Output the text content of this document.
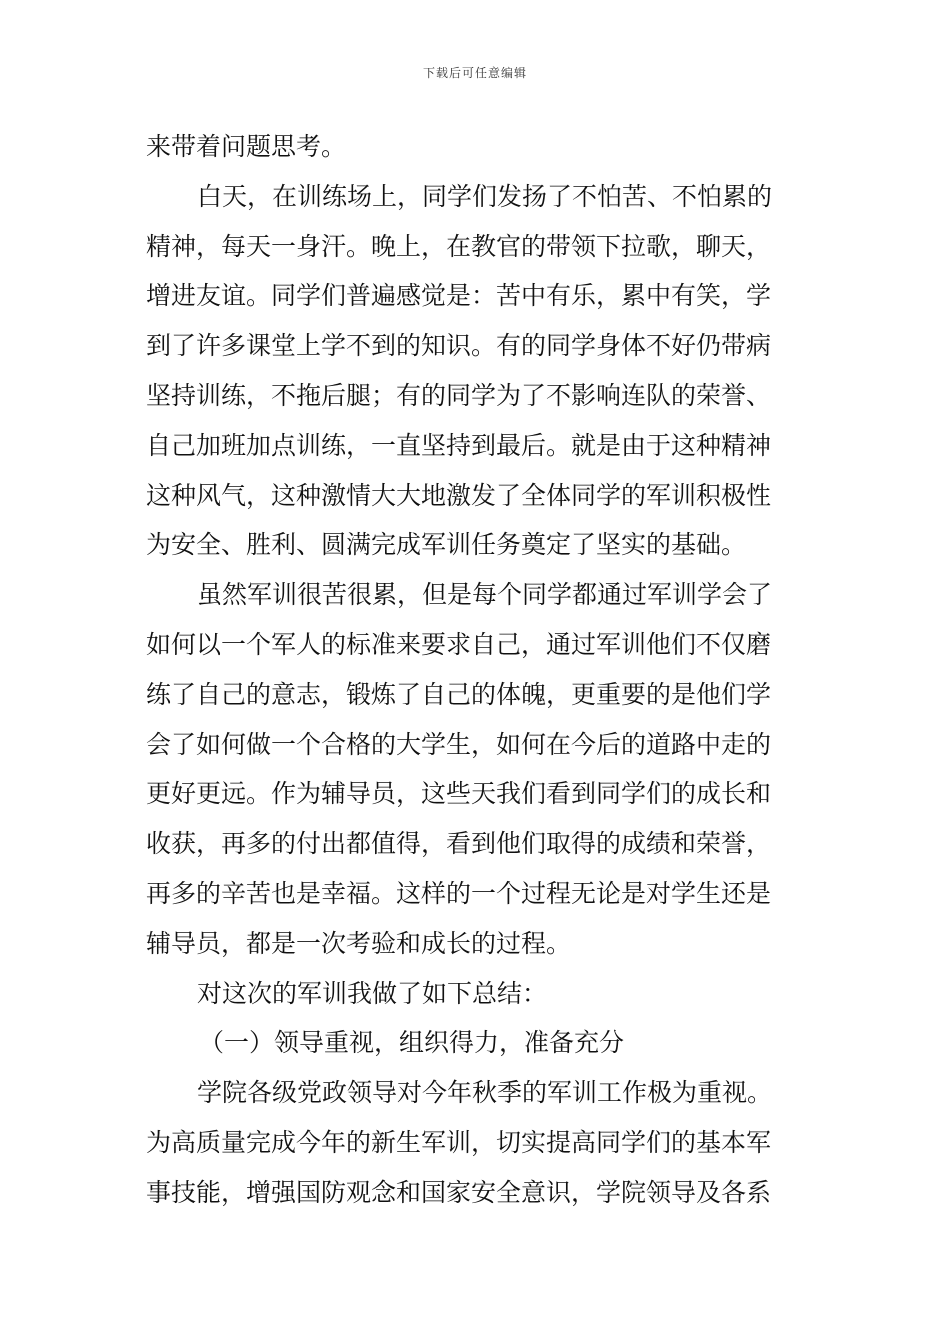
下载后可任意编辑
来带着问题思考。
白天，在训练场上，同学们发扬了不怕苦、不怕累的
精神，每天一身汗。晚上，在教官的带领下拉歌，聊天，
增进友谊。同学们普遍感觉是：苦中有乐，累中有笑，学
到了许多课堂上学不到的知识。有的同学身体不好仍带病
坚持训练，不拖后腿；有的同学为了不影响连队的荣誉、
自己加班加点训练，一直坚持到最后。就是由于这种精神
这种风气，这种激情大大地激发了全体同学的军训积极性
为安全、胜利、圆满完成军训任务奠定了坚实的基础。
虽然军训很苦很累，但是每个同学都通过军训学会了
如何以一个军人的标准来要求自己，通过军训他们不仅磨
练了自己的意志，锻炼了自己的体魄，更重要的是他们学
会了如何做一个合格的大学生，如何在今后的道路中走的
更好更远。作为辅导员，这些天我们看到同学们的成长和
收获，再多的付出都值得，看到他们取得的成绩和荣誉，
再多的辛苦也是幸福。这样的一个过程无论是对学生还是
辅导员，都是一次考验和成长的过程。
对这次的军训我做了如下总结：
（一）领导重视，组织得力，准备充分
学院各级党政领导对今年秋季的军训工作极为重视。
为高质量完成今年的新生军训，切实提高同学们的基本军
事技能，增强国防观念和国家安全意识，学院领导及各系
